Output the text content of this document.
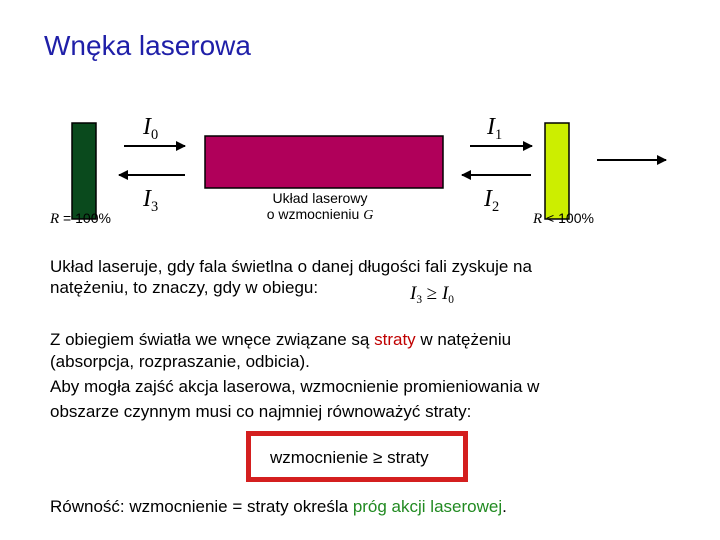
Wnęka laserowa
$I_0$
$I_3$
$I_1$
$I_2$
R = 100%	R < 100%
Układ laserowy
o wzmocnieniu G
Układ laseruje, gdy fala świetlna o danej długości fali zyskuje na
natężeniu, to znaczy, gdy w obiegu:	$I_3 \ge I_0$
Z obiegiem światła we wnęce związane są straty w natężeniu
(absorpcja, rozpraszanie, odbicia).
Aby mogła zajść akcja laserowa, wzmocnienie promieniowania w
obszarze czynnym musi co najmniej równoważyć straty:
wzmocnienie ≥ straty
Równość: wzmocnienie = straty określa próg akcji laserowej.
